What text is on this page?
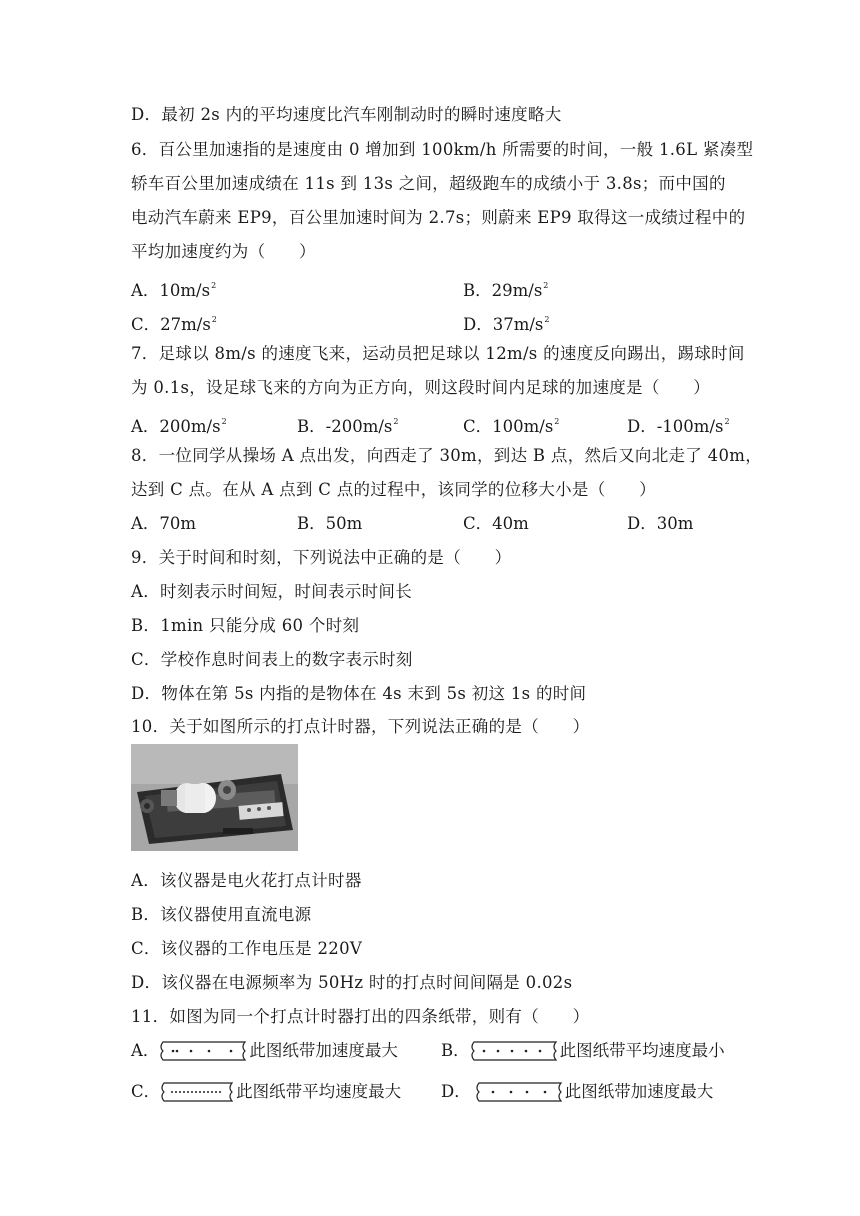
D．最初 2s 内的平均速度比汽车刚制动时的瞬时速度略大
6．百公里加速指的是速度由 0 增加到 100km/h 所需要的时间，一般 1.6L 紧凑型
轿车百公里加速成绩在 11s 到 13s 之间，超级跑车的成绩小于 3.8s；而中国的
电动汽车蔚来 EP9，百公里加速时间为 2.7s；则蔚来 EP9 取得这一成绩过程中的
平均加速度约为（　　）
A．$10m/s^2$	B．$29m/s^2$
C．$27m/s^2$	D．$37m/s^2$
7．足球以 8m/s 的速度飞来，运动员把足球以 12m/s 的速度反向踢出，踢球时间
为 0.1s，设足球飞来的方向为正方向，则这段时间内足球的加速度是（　　）
A．$200m/s^2$	B．$-200m/s^2$	C．$100m/s^2$	D．$-100m/s^2$
8．一位同学从操场 A 点出发，向西走了 30m，到达 B 点，然后又向北走了 40m，
达到 C 点。在从 A 点到 C 点的过程中，该同学的位移大小是（　　）
A．70m	B．50m	C．40m	D．30m
9．关于时间和时刻，下列说法中正确的是（　　）
A．时刻表示时间短，时间表示时间长
B．1min 只能分成 60 个时刻
C．学校作息时间表上的数字表示时刻
D．物体在第 5s 内指的是物体在 4s 末到 5s 初这 1s 的时间
10．关于如图所示的打点计时器，下列说法正确的是（　　）
A．该仪器是电火花打点计时器
B．该仪器使用直流电源
C．该仪器的工作电压是 220V
D．该仪器在电源频率为 50Hz 时的打点时间间隔是 0.02s
11．如图为同一个打点计时器打出的四条纸带，则有（　　）
A．	此图纸带加速度最大	B．	此图纸带平均速度最小
C．	此图纸带平均速度最大 D．	此图纸带加速度最大
